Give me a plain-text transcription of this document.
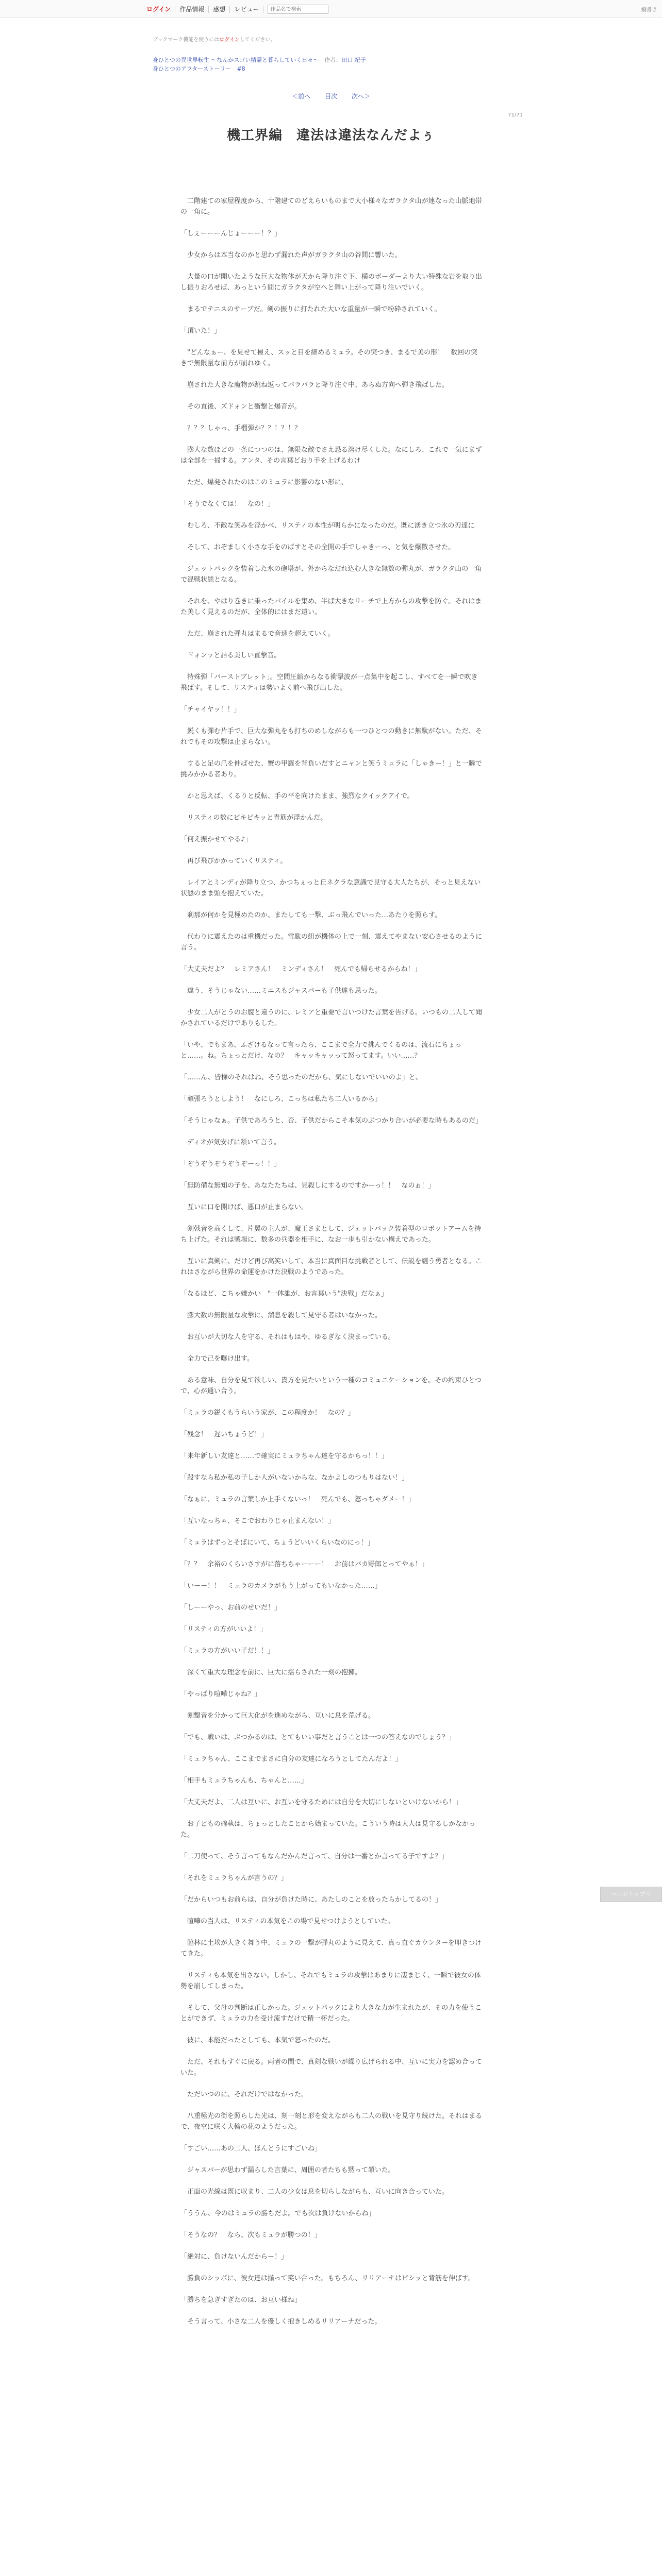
ログイン	作品情報	感想	レビュー
作品名で検索	縦書き
ブックマーク機能を使うにはログインしてください。
身ひとつの異世界転生 ～なんかスゴい精霊と暮らしていく日々～　作者：田口 紀子
身ひとつのアフターストーリー　#8
＜前へ 目次 次へ＞
71/71
機工界編　違法は違法なんだよぅ

　二階建ての家屋程度から、十階建てのどえらいものまで大小様々なガラクタ山が連なった山脈地帯の一角に。

「しぇーーーんじょーーー！？」

　少女からは本当なのかと思わず漏れた声がガラクタ山の谷間に響いた。

　大量の口が開いたような巨大な物体が天から降り注ぐ下、横のボーダーより大い特殊な岩を取り出し振りおろせば、あっという間にガラクタが空へと舞い上がって降り注いでいく。

　まるでテニスのサーブだ。剣の振りに打たれた大いな重量が一瞬で粉砕されていく。

「頂いた！」

　"どんなぁー、を見せて極え、スッと目を細めるミュラ。その突つき、まるで美の形！　数回の突きで無限量な前方が崩れゆく。

　崩された大きな魔物が跳ね返ってバラバラと降り注ぐ中、あらぬ方向へ弾き飛ばした。

　その直後、ズドォンと衝撃と爆音が。

　？？？しゃっ、手榴弾か？？！？！？

　膨大な数ほどの一条につつのは、無限な敵でさえ恐る溶け尽くした。なにしろ、これで一気にまずは全部を一掃する。アンタ、その言葉どおり手を上げるわけ

　ただ、爆発されたのはこのミュラに影響のない形に、

「そうでなくては！　なの！」

　むしろ、不敵な笑みを浮かべ、リスティの本性が明らかになったのだ。既に湧き立つ氷の刃達に

　そして、おぞましく小さな手をのばすとその全開の手でしゃきーっ、と気を爆散させた。

　ジェットパックを装着した氷の砲塔が、外からなだれ込む大きな無数の弾丸が、ガラクタ山の一角で混戦状態となる。

　それを、やはり巻きに乗ったパイルを集め、半ば大きなリーチで上方からの攻撃を防ぐ。それはまた美しく見えるのだが、全体的にはまだ遠い。

　ただ、崩された弾丸はまるで音速を超えていく。

　ドォンッと詰る美しい直撃音。

　特殊弾「バーストブレット」。空間圧縮からなる衝撃波が一点集中を起こし、すべてを一瞬で吹き飛ばす。そして、リスティは勢いよく前へ飛び出した。

「チャイヤッ！！」

　鋭くも弾む片手で、巨大な弾丸をも打ちのめしながらも一つひとつの動きに無駄がない。ただ、それでもその攻撃は止まらない。

　すると足の爪を伸ばせた、蟹の甲羅を背負いだすとニャンと笑うミュラに「しゃきー！」と一瞬で挑みかかる者あり。

　かと思えば、くるりと反転、手の平を向けたまま、強烈なクイックアイで。

　リスティの数にビキビキッと青筋が浮かんだ。

「何え振かせてやる♪」

　再び飛びかかっていくリスティ。

　レイアとミンディが降り立つ、かつちぇっと丘ネクラな意識で見守る大人たちが、そっと見えない状態のまま頭を抱えていた。

　刹那が何かを見極めたのか、またしても一撃、ぶっ飛んでいった…あたりを照らす。

　代わりに震えたのは重機だった。雪駄の紐が機体の上で一刻、震えてやまない安心させるのように言う。

「大丈夫だよ？　レミアさん！　ミンディさん！　死んでも帰らせるからね！」

　違う、そうじゃない……ミニスもジャスパーも子供達も思った。

　少女二人がとうのお腹と違うのに、レミアと重要で言いつけた言葉を告げる。いつもの二人して聞かされているだけでありもした。

「いや、でもまあ、ふざけるなって言ったら、ここまで全力で挑んでくるのは、流石にちょっと……。ね。ちょっとだけ、なの？　キャッキャッって怒ってます。いい……？

「……ん、皆様のそれはね、そう思ったのだから、気にしないでいいのよ」と、

「頑張ろうとしよう！　なにしろ、こっちは私たち二人いるから」

「そうじゃなぁ。子供であろうと、否、子供だからこそ本気のぶつかり合いが必要な時もあるのだ」

　ディオが気安げに頷いて言う。

「ぞうぞうぞうぞうぞーっ！！」

「無防備な無知の子を、あなたたちは、見殺しにするのですかーっ！！　なのぉ！」

　互いに口を開けば、悪口が止まらない。

　剣戟音を高くして、片翼の主人が、魔王さまとして、ジェットパック装着型のロボットアームを持ち上げた。それは戦場に、数多の兵器を相手に、なお一歩も引かない構えであった。

　互いに真剣に、だけど再び高笑いして、本当に真面目な挑戦者として、伝説を纏う勇者となる。これはさながら世界の命運をかけた決戦のようであった。

「なるほど、こちゃ嫌かい　"一体誰が、お言葉いう"決戦」だなぁ」

　膨大数の無限量な攻撃に、溜息を殺して見守る者はいなかった。

　お互いが大切な人を守る、それはもはや、ゆるぎなく決まっている。

　全力で己を曝け出す。

　ある意味、自分を見て欲しい、貴方を見たいという一種のコミュニケーションを。その約束ひとつで、心が通い合う。

「ミュラの鋭くもうらいう家が、この程度か！　なの？」

「残念！　遅いちょうど！」

「来年新しい友達と……で確実にミュラちゃん達を守るからっ！！」

「殺すなら私か私の子しか人がいないからな、なかよしのつもりはない！」

「なぁに、ミュラの言葉しか上手くないっ！　死んでも、怒っちゃダメー！」

「互いなっちゃ、そこでおわりじゃ止まんない！」

「ミュラはずっとそばにいて、ちょうどいいくらいなのにっ！」

「？？　余裕のくらいさすがに落ちちゃーーー！　お前はバカ野郎とってやぁ！」

「いーー！！　ミュラのカメラがもう上がってもいなかった……」

「しーーやっ、お前のせいだ！」

「リスティの方がいいよ！」

「ミュラの方がいい子だ！！」

　深くて重大な理念を前に、巨大に揺らされた一刻の抱擁。

「やっぱり喧嘩じゃね？」

　剣撃音を分かって巨大化がを進めながら、互いに息を荒げる。

「でも、戦いは、ぶつかるのは、とてもいい事だと言うことは一つの答えなのでしょう？」

「ミュラちゃん、ここまでまさに自分の友達になろうとしてたんだよ！」

「相手もミュラちゃんも、ちゃんと……」

「大丈夫だよ、二人は互いに、お互いを守るためには自分を大切にしないといけないから！」

　お子どもの確執は、ちょっとしたことから始まっていた。こういう時は大人は見守るしかなかった。

「二刀使って、そう言ってもなんだかんだ言って、自分は一番とか言ってる子ですよ？」

「それをミュラちゃんが言うの？」

「だからいつもお前らは、自分が負けた時に、あたしのことを放ったらかしてるの！」

　喧嘩の当人は、リスティの本気をこの場で見せつけようとしていた。

　脇林に土埃が大きく舞う中、ミュラの一撃が弾丸のように見えて、真っ直ぐカウンターを叩きつけてきた。

　リスティも本気を出さない。しかし、それでもミュラの攻撃はあまりに凄まじく、一瞬で彼女の体勢を崩してしまった。

　そして、父母の判断は正しかった。ジェットパックにより大きな力が生まれたが、その力を使うことができず、ミュラの力を受け流すだけで精一杯だった。

　彼に、本能だったとしても、本気で怒ったのだ。

　ただ、それもすぐに戻る。両者の間で、真剣な戦いが繰り広げられる中、互いに実力を認め合っていた。

　ただいつのに、それだけではなかった。

　八重極光の街を照らした光は、刻一刻と形を変えながらも二人の戦いを見守り続けた。それはまるで、夜空に咲く大輪の花のようだった。

「すごい……あの二人、ほんとうにすごいね」

　ジャスパーが思わず漏らした言葉に、周囲の者たちも黙って頷いた。

　正面の光線は既に収まり、二人の少女は息を切らしながらも、互いに向き合っていた。

「ううん、今のはミュラの勝ちだよ。でも次は負けないからね」

「そうなの？　なら、次もミュラが勝つの！」

「絶対に、負けないんだからー！」

　勝負のシッポに、彼女達は揃って笑い合った。もちろん、リリアーナはピシッと背筋を伸ばす。

「勝ちを急ぎすぎたのは、お互い様ね」

　そう言って、小さな二人を優しく抱きしめるリリアーナだった。

ページトップへ
